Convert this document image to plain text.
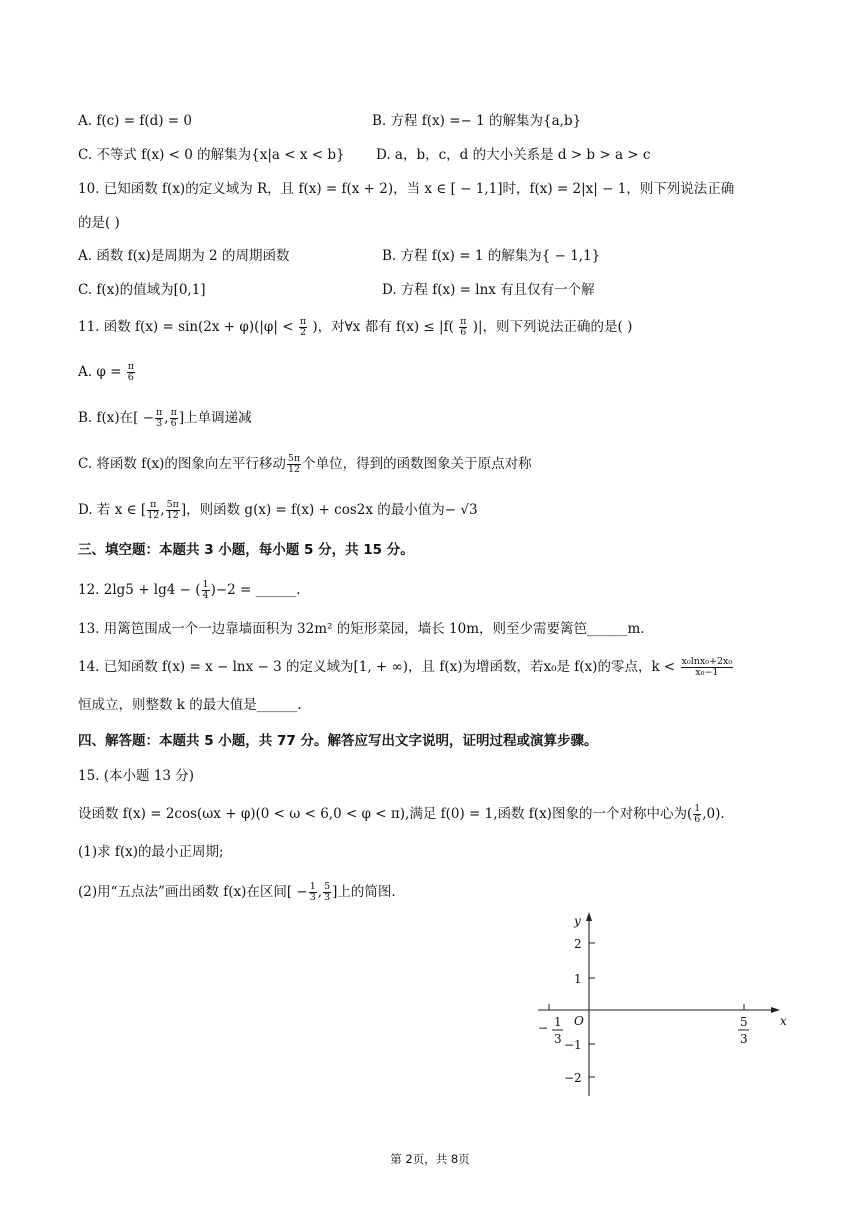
A. f(c) = f(d) = 0	B. 方程 f(x) =− 1 的解集为{a,b}
C. 不等式 f(x) < 0 的解集为{x|a < x < b} D. a，b，c，d 的大小关系是 d > b > a > c
10. 已知函数 f(x)的定义域为 R，且 f(x) = f(x + 2)，当 x ∈ [ − 1,1]时，f(x) = 2|x| − 1，则下列说法正确
的是( )
A. 函数 f(x)是周期为 2 的周期函数	B. 方程 f(x) = 1 的解集为{ − 1,1}
C. f(x)的值域为[0,1]	D. 方程 f(x) = lnx 有且仅有一个解
11. 函数 $f(x) = \sin(2x + \varphi)(|\varphi| < \frac{\pi}{2}$ )，对∀x 都有 $f(x) \le |f( \frac{\pi}{6}$ )|，则下列说法正确的是( )
A. $\varphi = \frac{\pi}{6}$
B. f(x)在[ − $\frac{\pi}{3}$ , $\frac{\pi}{6}$ ]上单调递减
C. 将函数 f(x)的图象向左平行移动 $\frac{5\pi}{12}$ 个单位，得到的函数图象关于原点对称
D. 若 x ∈ [ $\frac{\pi}{12}$ , $\frac{5\pi}{12}$ ]，则函数 g(x) = f(x) + cos2x 的最小值为− √3
三、填空题：本题共 3 小题，每小题 5 分，共 15 分。
12. 2lg5 + lg4 − ( $\frac{1}{4} )-2$ = ______.
13. 用篱笆围成一个一边靠墙面积为 32m² 的矩形菜园，墙长 10m，则至少需要篱笆______m.
14. 已知函数 f(x) = x − lnx − 3 的定义域为[1, + ∞)，且 f(x)为增函数，若x₀是 f(x)的零点，$k < \frac{\text{x₀lnx₀+2x₀}}{\text{x₀−1}}$
恒成立，则整数 k 的最大值是______.
四、解答题：本题共 5 小题，共 77 分。解答应写出文字说明，证明过程或演算步骤。
15. (本小题 13 分)
设函数 f(x) = 2cos(ωx + φ)(0 < ω < 6,0 < φ < π),满足 f(0) = 1,函数 f(x)图象的一个对称中心为( $\frac{1}{6} ,0$).
(1)求 f(x)的最小正周期;
(2)用“五点法”画出函数 f(x)在区间[ − $\frac{1}{3}$ , $\frac{5}{3}$ ]上的简图.
y
x
O
2
1
−1
−2
− 1
3
5
3
第 2页，共 8页
